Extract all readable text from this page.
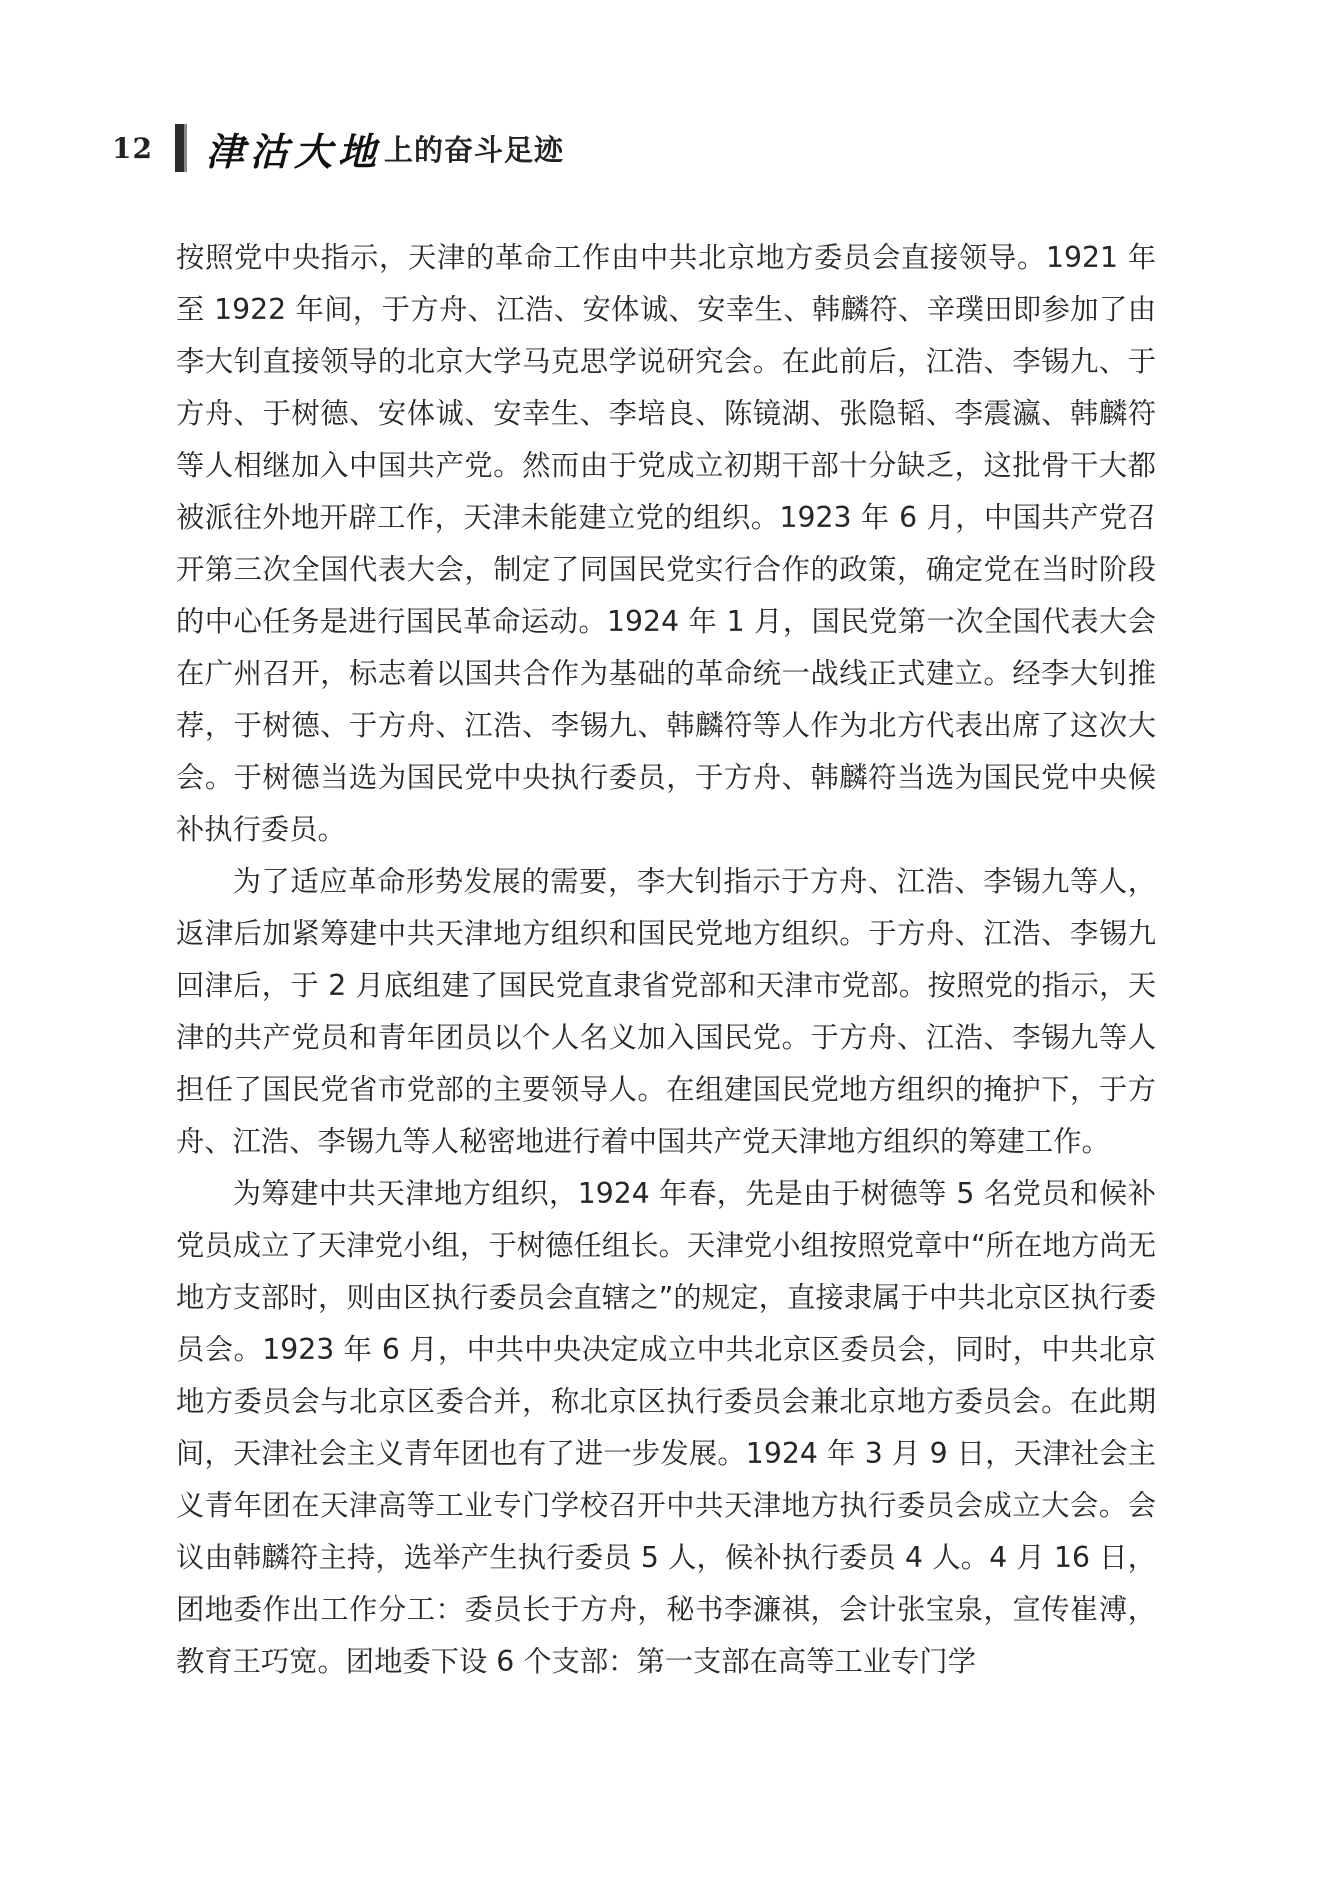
12 津沽大地 上的奋斗足迹

按照党中央指示，天津的革命工作由中共北京地方委员会直接领导。1921 年至 1922 年间，于方舟、江浩、安体诚、安幸生、韩麟符、辛璞田即参加了由李大钊直接领导的北京大学马克思学说研究会。在此前后，江浩、李锡九、于方舟、于树德、安体诚、安幸生、李培良、陈镜湖、张隐韬、李震瀛、韩麟符等人相继加入中国共产党。然而由于党成立初期干部十分缺乏，这批骨干大都被派往外地开辟工作，天津未能建立党的组织。1923 年 6 月，中国共产党召开第三次全国代表大会，制定了同国民党实行合作的政策，确定党在当时阶段的中心任务是进行国民革命运动。1924 年 1 月，国民党第一次全国代表大会在广州召开，标志着以国共合作为基础的革命统一战线正式建立。经李大钊推荐，于树德、于方舟、江浩、李锡九、韩麟符等人作为北方代表出席了这次大会。于树德当选为国民党中央执行委员，于方舟、韩麟符当选为国民党中央候补执行委员。

为了适应革命形势发展的需要，李大钊指示于方舟、江浩、李锡九等人，返津后加紧筹建中共天津地方组织和国民党地方组织。于方舟、江浩、李锡九回津后，于 2 月底组建了国民党直隶省党部和天津市党部。按照党的指示，天津的共产党员和青年团员以个人名义加入国民党。于方舟、江浩、李锡九等人担任了国民党省市党部的主要领导人。在组建国民党地方组织的掩护下，于方舟、江浩、李锡九等人秘密地进行着中国共产党天津地方组织的筹建工作。

为筹建中共天津地方组织，1924 年春，先是由于树德等 5 名党员和候补党员成立了天津党小组，于树德任组长。天津党小组按照党章中“所在地方尚无地方支部时，则由区执行委员会直辖之”的规定，直接隶属于中共北京区执行委员会。1923 年 6 月，中共中央决定成立中共北京区委员会，同时，中共北京地方委员会与北京区委合并，称北京区执行委员会兼北京地方委员会。在此期间，天津社会主义青年团也有了进一步发展。1924 年 3 月 9 日，天津社会主义青年团在天津高等工业专门学校召开中共天津地方执行委员会成立大会。会议由韩麟符主持，选举产生执行委员 5 人，候补执行委员 4 人。4 月 16 日，团地委作出工作分工：委员长于方舟，秘书李濂祺，会计张宝泉，宣传崔溥，教育王巧宽。团地委下设 6 个支部：第一支部在高等工业专门学
